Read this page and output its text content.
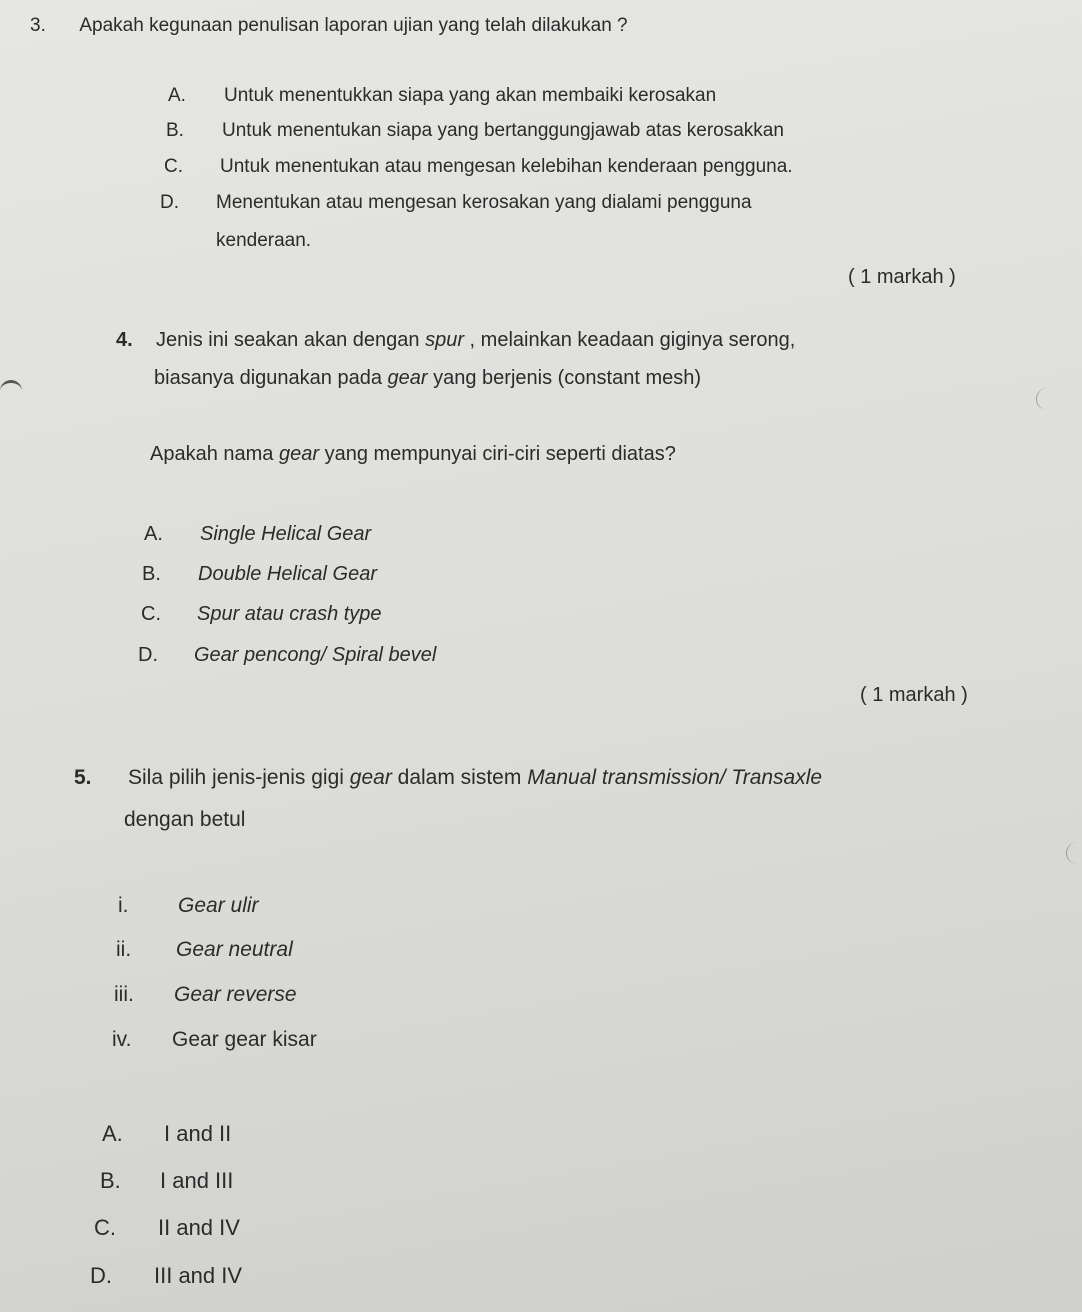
3. Apakah kegunaan penulisan laporan ujian yang telah dilakukan ?
A. Untuk menentukkan siapa yang akan membaiki kerosakan
B. Untuk menentukan siapa yang bertanggungjawab atas kerosakkan
C. Untuk menentukan atau mengesan kelebihan kenderaan pengguna.
D. Menentukan atau mengesan kerosakan yang dialami pengguna
kenderaan.
( 1 markah )
4. Jenis ini seakan akan dengan spur , melainkan keadaan giginya serong,
biasanya digunakan pada gear yang berjenis (constant mesh)
Apakah nama gear yang mempunyai ciri-ciri seperti diatas?
A. Single Helical Gear
B. Double Helical Gear
C. Spur atau crash type
D. Gear pencong/ Spiral bevel
( 1 markah )
5. Sila pilih jenis-jenis gigi gear dalam sistem Manual transmission/ Transaxle
dengan betul
i. Gear ulir
ii. Gear neutral
iii. Gear reverse
iv. Gear gear kisar
A. I and II
B. I and III
C. II and IV
D. III and IV
